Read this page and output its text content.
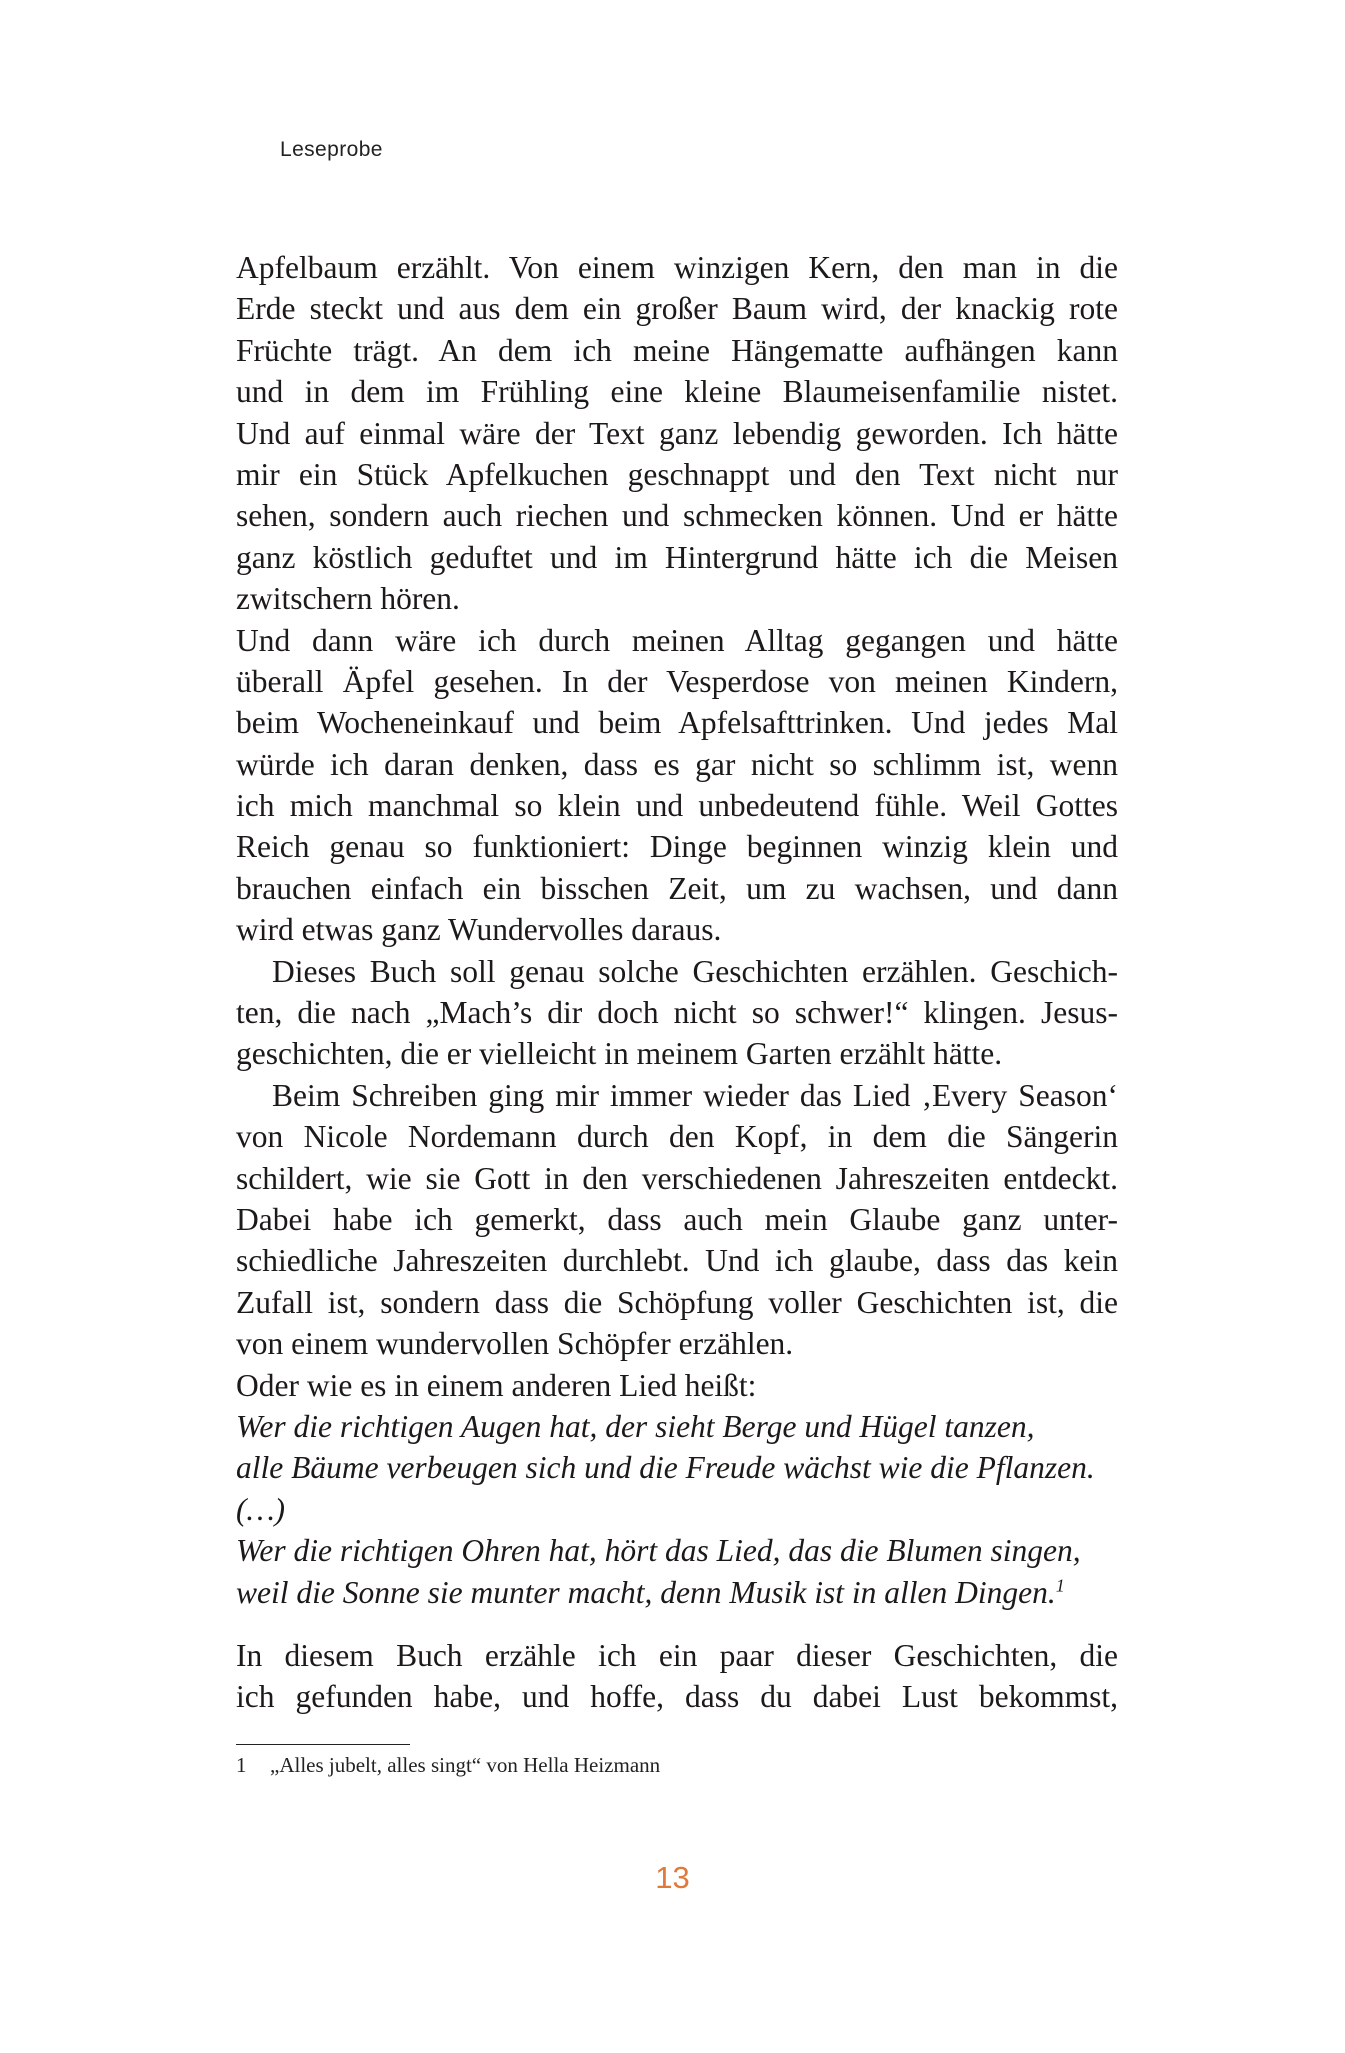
Leseprobe
Apfelbaum erzählt. Von einem winzigen Kern, den man in die
Erde steckt und aus dem ein großer Baum wird, der knackig rote
Früchte trägt. An dem ich meine Hängematte aufhängen kann
und in dem im Frühling eine kleine Blaumeisenfamilie nistet.
Und auf einmal wäre der Text ganz lebendig geworden. Ich hätte
mir ein Stück Apfelkuchen geschnappt und den Text nicht nur
sehen, sondern auch riechen und schmecken können. Und er hätte
ganz köstlich geduftet und im Hintergrund hätte ich die Meisen
zwitschern hören.
Und dann wäre ich durch meinen Alltag gegangen und hätte
überall Äpfel gesehen. In der Vesperdose von meinen Kindern,
beim Wocheneinkauf und beim Apfelsafttrinken. Und jedes Mal
würde ich daran denken, dass es gar nicht so schlimm ist, wenn
ich mich manchmal so klein und unbedeutend fühle. Weil Gottes
Reich genau so funktioniert: Dinge beginnen winzig klein und
brauchen einfach ein bisschen Zeit, um zu wachsen, und dann
wird etwas ganz Wundervolles daraus.
Dieses Buch soll genau solche Geschichten erzählen. Geschich-
ten, die nach „Mach’s dir doch nicht so schwer!“ klingen. Jesus-
geschichten, die er vielleicht in meinem Garten erzählt hätte.
Beim Schreiben ging mir immer wieder das Lied ‚Every Season‘
von Nicole Nordemann durch den Kopf, in dem die Sängerin
schildert, wie sie Gott in den verschiedenen Jahreszeiten entdeckt.
Dabei habe ich gemerkt, dass auch mein Glaube ganz unter-
schiedliche Jahreszeiten durchlebt. Und ich glaube, dass das kein
Zufall ist, sondern dass die Schöpfung voller Geschichten ist, die
von einem wundervollen Schöpfer erzählen.
Oder wie es in einem anderen Lied heißt:
Wer die richtigen Augen hat, der sieht Berge und Hügel tanzen,
alle Bäume verbeugen sich und die Freude wächst wie die Pflanzen.
(…)
Wer die richtigen Ohren hat, hört das Lied, das die Blumen singen,
weil die Sonne sie munter macht, denn Musik ist in allen Dingen.$^1$
In diesem Buch erzähle ich ein paar dieser Geschichten, die
ich gefunden habe, und hoffe, dass du dabei Lust bekommst,
1 „Alles jubelt, alles singt“ von Hella Heizmann
13
